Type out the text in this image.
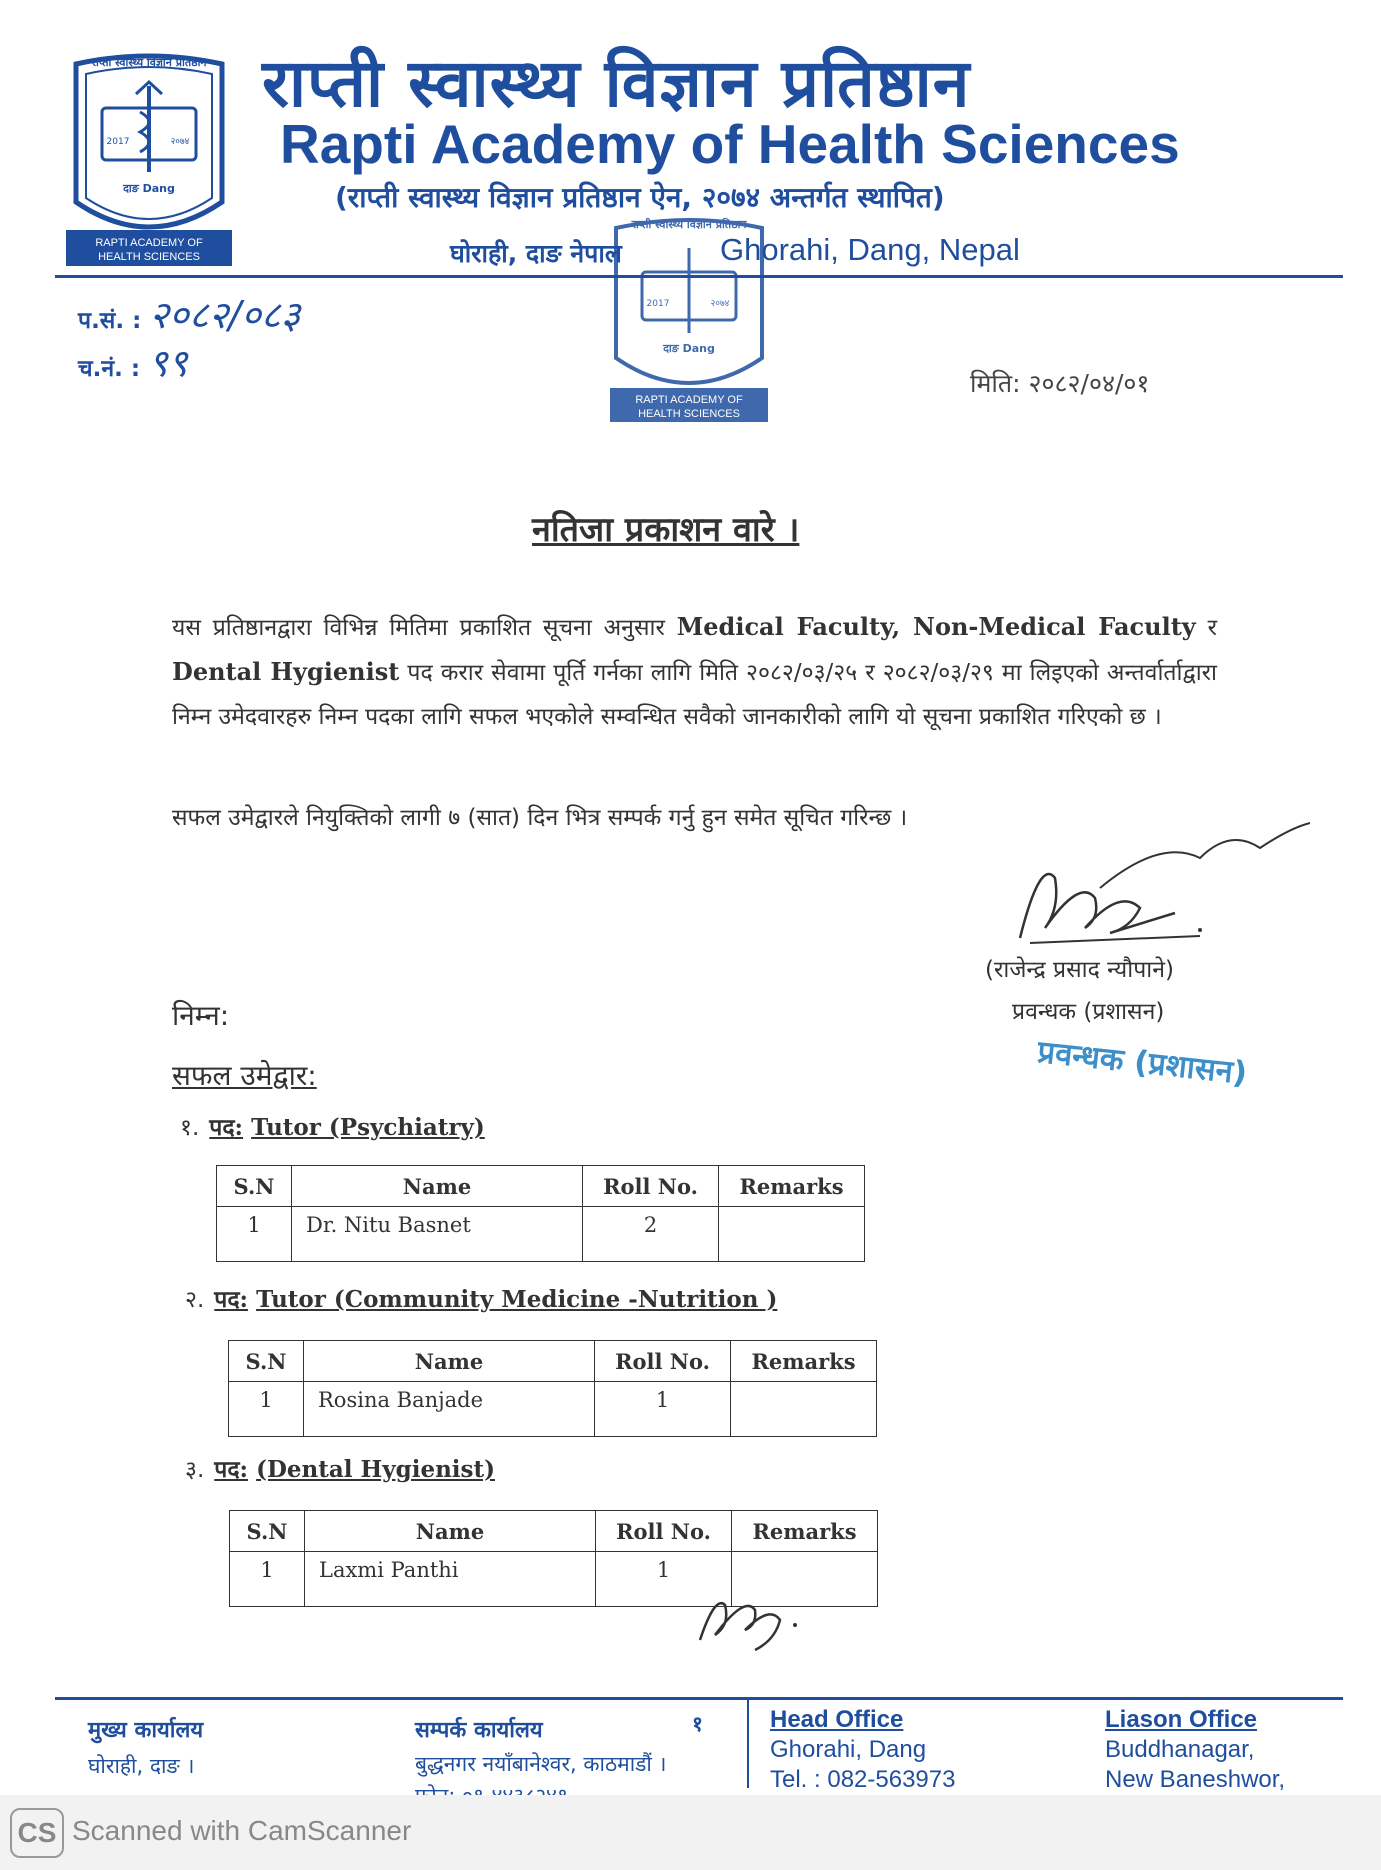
राप्ती स्वास्थ्य विज्ञान प्रतिष्ठान
2017	२०७४
दाङ Dang
RAPTI ACADEMY OF
HEALTH SCIENCES
राप्ती स्वास्थ्य विज्ञान प्रतिष्ठान
Rapti Academy of Health Sciences
(राप्ती स्वास्थ्य विज्ञान प्रतिष्ठान ऐन, २०७४ अन्तर्गत स्थापित)
घोराही, दाङ नेपाल	Ghorahi, Dang, Nepal
राप्ती स्वास्थ्य विज्ञान प्रतिष्ठान
2017	२०७४
दाङ Dang
RAPTI ACADEMY OF
HEALTH SCIENCES
प.सं. : २०८२/०८३
च.नं. : ९९	मिति: २०८२/०४/०१
नतिजा प्रकाशन वारे ।
यस प्रतिष्ठानद्वारा विभिन्न मितिमा प्रकाशित सूचना अनुसार Medical Faculty, Non-Medical Faculty र Dental Hygienist पद करार सेवामा पूर्ति गर्नका लागि मिति २०८२/०३/२५ र २०८२/०३/२९ मा लिइएको अन्तर्वार्ताद्वारा निम्न उमेदवारहरु निम्न पदका लागि सफल भएकोले सम्वन्धित सवैको जानकारीको लागि यो सूचना प्रकाशित गरिएको छ ।
सफल उमेद्वारले नियुक्तिको लागी ७ (सात) दिन भित्र सम्पर्क गर्नु हुन समेत सूचित गरिन्छ ।
(राजेन्द्र प्रसाद न्यौपाने)
प्रवन्धक (प्रशासन)
प्रवन्धक (प्रशासन)
निम्न:
सफल उमेद्वार:
१. पद: Tutor (Psychiatry)
S.N	Name	Roll No.	Remarks
1	Dr. Nitu Basnet	2	
२. पद: Tutor (Community Medicine -Nutrition )
S.N	Name	Roll No.	Remarks
1	Rosina Banjade	1	
३. पद: (Dental Hygienist)
S.N	Name	Roll No.	Remarks
1	Laxmi Panthi	1	
मुख्य कार्यालय
घोराही, दाङ ।
सम्पर्क कार्यालय	१
बुद्धनगर नयाँबानेश्वर, काठमाडौं ।
Head Office
Ghorahi, Dang
Tel. : 082-563973
Liason Office
Buddhanagar,
New Baneshwor,
CS Scanned with CamScanner
